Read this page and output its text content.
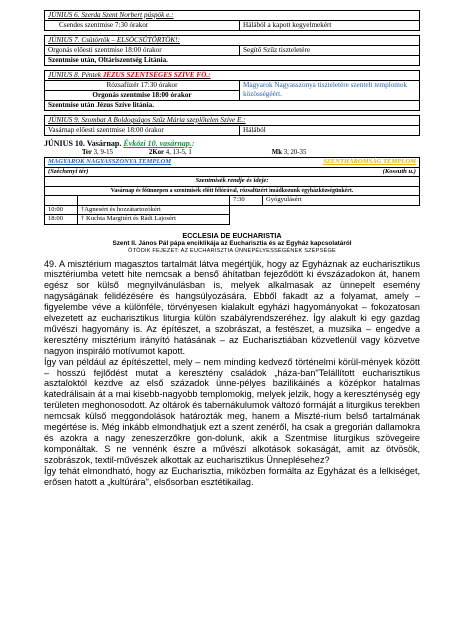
JÚNIUS 6. Szerda Szent Norbert püspök e.:
Csendes szentmise 7:30 órakor	Hálából a kapott kegyelmekért
JÚNIUS 7. Csütörtök – ELSŐCSÜTÖRTÖK!:
Orgonás előesti szentmise 18:00 órakor	Segítő Szűz tiszteletére
Szentmise után, Oltáriszentség Litánia.
JÚNIUS 8. Péntek JÉZUS SZENTSÉGES SZÍVE FŐ.:
Rózsafüzér 17:30 órakor	Magyarok Nagyasszonya tiszteletére szentelt templomok közösségéért.
Orgonás szentmise 18:00 órakor
Szentmise után Jézus Szíve litánia.
JÚNIUS 9. Szombat A Boldogságos Szűz Mária szeplőtelen Szíve E.:
Vasárnap előesti szentmise 18:00 órakor	Hálából
JÚNIUS 10. Vasárnap. Évközi 10. vasárnap.:
Ter 3, 9-15	2Kor 4, 13-5, 1	Mk 3, 20-35
MAGYAROK NAGYASSZONYA TEMPLOM		SZENTHÁROMSÁG TEMPLOM	
(Széchenyi tér)		(Kossuth u.)	
Szentmisék rendje és ideje:			
Vasárnap és főünnepen a szentmisék előtt félórával, rózsafüzért imádkozunk egyházközségünkért.			
		7:30	Gyógyulásért
10:00	†Agnesért és hozzátartozókért		
18:00	† Kuchta Margitért és Rádi Lajosért		
ECCLESIA DE EUCHARISTIA
Szent II. János Pál pápa enciklikája az Eucharisztia és az Egyház kapcsolatáról
ÖTÖDIK FEJEZET: AZ EUCHARISZTIA ÜNNEPÉLYESSÉGÉNEK SZÉPSÉGE

49. A misztérium magasztos tartalmát látva megértjük, hogy az Egyháznak az eucharisztikus misztériumba vetett hite nemcsak a benső áhítatban fejeződött ki évszázadokon át, hanem egész sor külső megnyilvánulásban is, melyek alkalmasak az ünnepelt esemény nagyságának felidézésére és hangsúlyozására. Ebből fakadt az a folyamat, amely – figyelembe véve a különféle, törvényesen kialakult egyházi hagyományokat – fokozatosan elvezetett az eucharisztikus liturgia külön szabályrendszeréhez. Így alakult ki egy gazdag művészi hagyomány is. Az építészet, a szobrászat, a festészet, a muzsika – engedve a keresztény misztérium irányító hatásának – az Eucharisztiában közvetlenül vagy közvetve nagyon inspiráló motívumot kapott.

Így van például az építészettel, mely – nem minding kedvező történelmi körül-mények között – hosszú fejlődést mutat a keresztény családok „háza-ban"Telállított eucharisztikus asztaloktól kezdve az első századok ünne-pélyes bazilikáinés a középkor hatalmas katedrálisain át a mai kisebb-nagyobb templomokig, melyek jelzik, hogy a kereszténység egy területen meghonosodott. Az oltárok és tabernákulumok változó formáját a liturgikus terekben nemcsak külső meggondolások határozták meg, hanem a Miszté-rium belső tartalmának megértése is. Még inkább elmondhatjuk ezt a szent zenéről, ha csak a gregorián dallamokra és azokra a nagy zeneszerzőkre gon-dolunk, akik a Szentmise liturgikus szövegeire komponáltak. S ne vennénk észre a művészi alkotások sokaságát, amit az ötvösök, szobrászok, textil-művészek alkottak az eucharisztikus Ünneplésehez?

Így tehát elmondható, hogy az Eucharisztia, miközben formálta az Egyházat és a lelkiséget, erősen hatott a „kultúrára", elsősorban esztétikailag.
